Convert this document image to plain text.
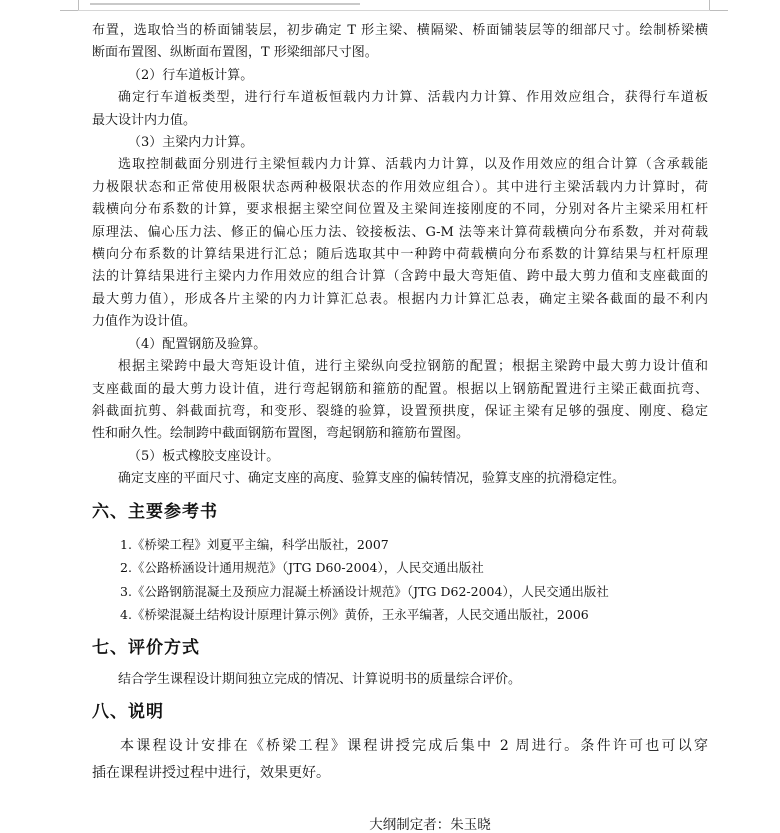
布置，选取恰当的桥面铺装层，初步确定 T 形主梁、横隔梁、桥面铺装层等的细部尺寸。绘制桥梁横

断面布置图、纵断面布置图，T 形梁细部尺寸图。

（2）行车道板计算。

确定行车道板类型，进行行车道板恒载内力计算、活载内力计算、作用效应组合，获得行车道板

最大设计内力值。

（3）主梁内力计算。

选取控制截面分别进行主梁恒载内力计算、活载内力计算，以及作用效应的组合计算（含承载能

力极限状态和正常使用极限状态两种极限状态的作用效应组合）。其中进行主梁活载内力计算时，荷

载横向分布系数的计算，要求根据主梁空间位置及主梁间连接刚度的不同，分别对各片主梁采用杠杆

原理法、偏心压力法、修正的偏心压力法、铰接板法、G-M 法等来计算荷载横向分布系数，并对荷载

横向分布系数的计算结果进行汇总；随后选取其中一种跨中荷载横向分布系数的计算结果与杠杆原理

法的计算结果进行主梁内力作用效应的组合计算（含跨中最大弯矩值、跨中最大剪力值和支座截面的

最大剪力值），形成各片主梁的内力计算汇总表。根据内力计算汇总表，确定主梁各截面的最不利内

力值作为设计值。

（4）配置钢筋及验算。

根据主梁跨中最大弯矩设计值，进行主梁纵向受拉钢筋的配置；根据主梁跨中最大剪力设计值和

支座截面的最大剪力设计值，进行弯起钢筋和箍筋的配置。根据以上钢筋配置进行主梁正截面抗弯、

斜截面抗剪、斜截面抗弯，和变形、裂缝的验算，设置预拱度，保证主梁有足够的强度、刚度、稳定

性和耐久性。绘制跨中截面钢筋布置图，弯起钢筋和箍筋布置图。

（5）板式橡胶支座设计。

确定支座的平面尺寸、确定支座的高度、验算支座的偏转情况，验算支座的抗滑稳定性。

六、主要参考书

1.《桥梁工程》刘夏平主编，科学出版社，2007

2.《公路桥涵设计通用规范》（JTG D60-2004），人民交通出版社

3.《公路钢筋混凝土及预应力混凝土桥涵设计规范》（JTG D62-2004），人民交通出版社

4.《桥梁混凝土结构设计原理计算示例》黄侨，王永平编著，人民交通出版社，2006

七、评价方式

结合学生课程设计期间独立完成的情况、计算说明书的质量综合评价。

八、说明

本课程设计安排在《桥梁工程》课程讲授完成后集中 2 周进行。条件许可也可以穿

插在课程讲授过程中进行，效果更好。

大纲制定者：朱玉晓
